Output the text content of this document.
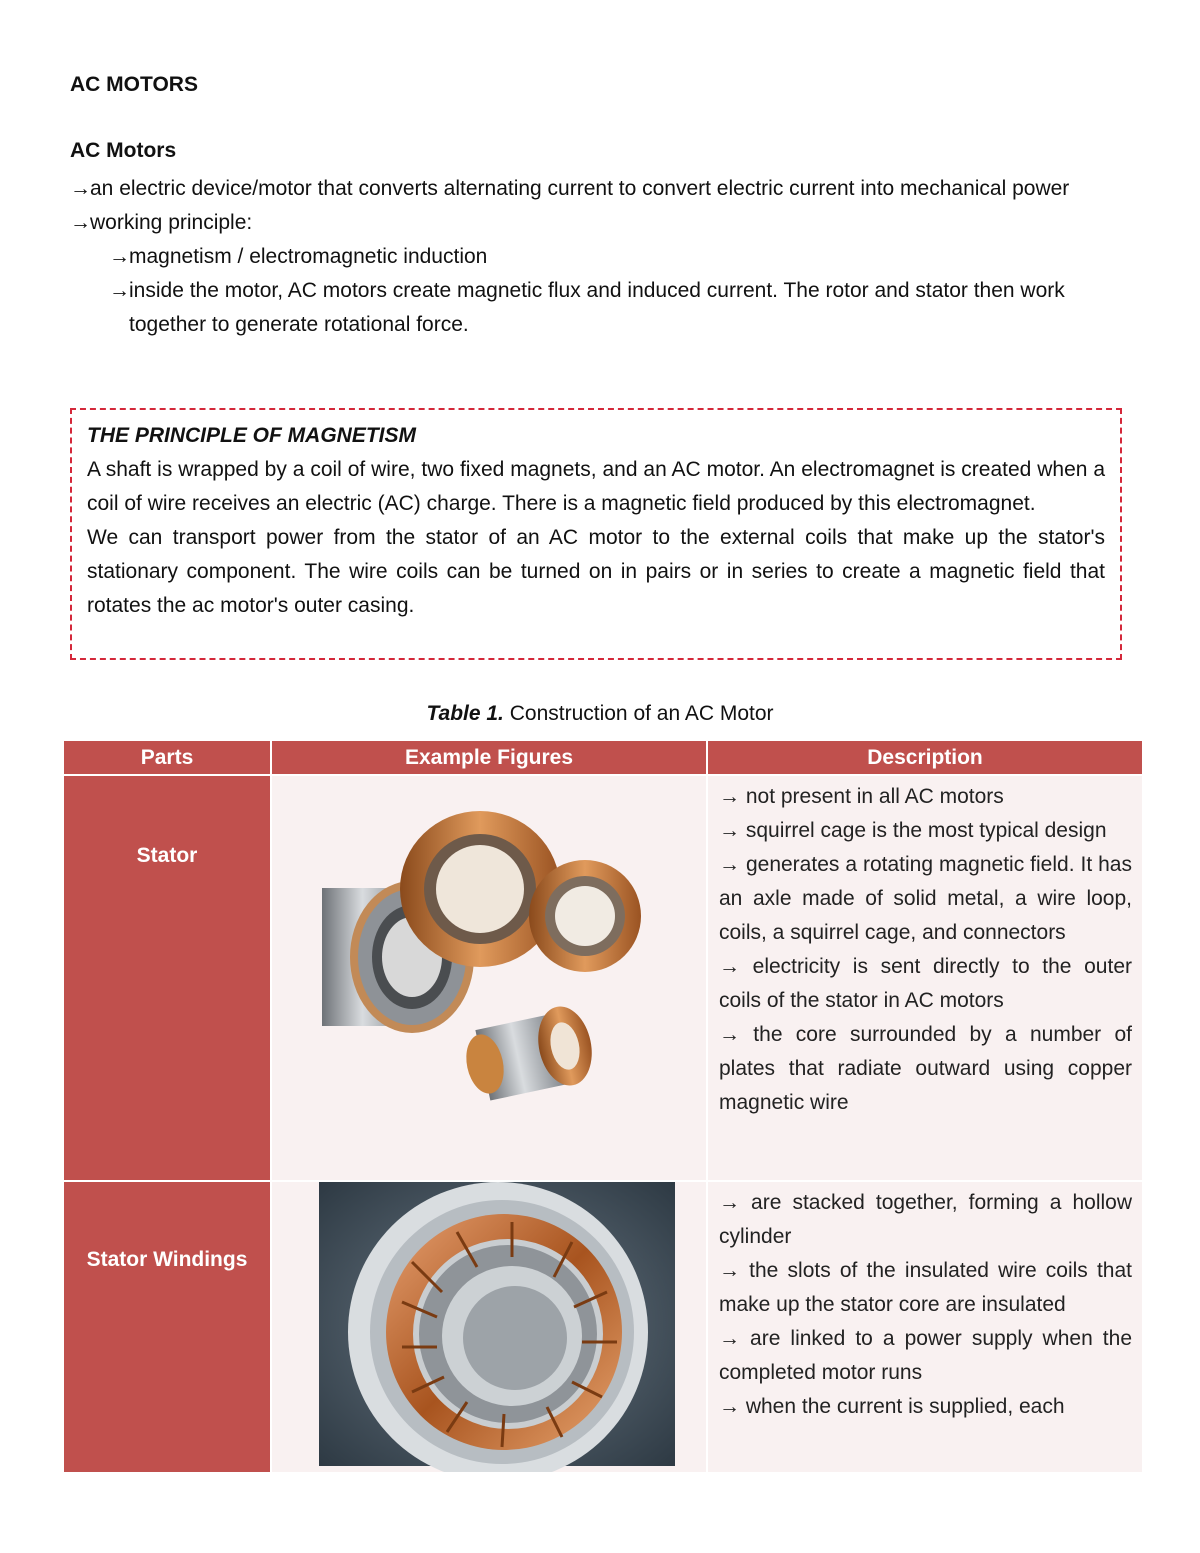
AC MOTORS
AC Motors
→an electric device/motor that converts alternating current to convert electric current into mechanical power
→working principle:
→magnetism / electromagnetic induction
→inside the motor, AC motors create magnetic flux and induced current. The rotor and stator then work together to generate rotational force.
THE PRINCIPLE OF MAGNETISM

A shaft is wrapped by a coil of wire, two fixed magnets, and an AC motor. An electromagnet is created when a coil of wire receives an electric (AC) charge. There is a magnetic field produced by this electromagnet.

We can transport power from the stator of an AC motor to the external coils that make up the stator's stationary component. The wire coils can be turned on in pairs or in series to create a magnetic field that rotates the ac motor's outer casing.

Table 1. Construction of an AC Motor
Parts	Example Figures	Description

Stator		→ not present in all AC motors
→ squirrel cage is the most typical design
→ generates a rotating magnetic field. It has an axle made of solid metal, a wire loop, coils, a squirrel cage, and connectors
→ electricity is sent directly to the outer coils of the stator in AC motors
→ the core surrounded by a number of plates that radiate outward using copper magnetic wire

Stator Windings		→ are stacked together, forming a hollow cylinder
→ the slots of the insulated wire coils that make up the stator core are insulated
→ are linked to a power supply when the completed motor runs
→ when the current is supplied, each
